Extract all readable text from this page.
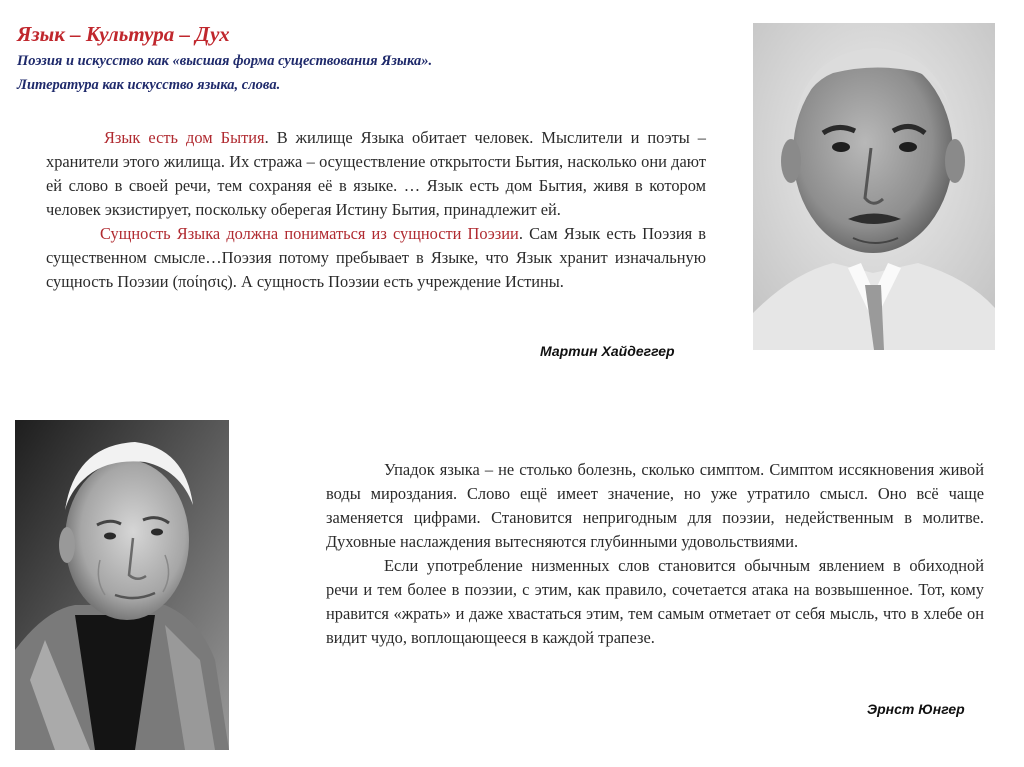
Язык – Культура – Дух

Поэзия и искусство как «высшая форма существования Языка».

Литература как искусство языка, слова.

Язык есть дом Бытия. В жилище Языка обитает человек. Мыслители и поэты – хранители этого жилища. Их стража – осуществление открытости Бытия, насколько они дают ей слово в своей речи, тем сохраняя её в языке. … Язык есть дом Бытия, живя в котором человек экзистирует, поскольку оберегая Истину Бытия, принадлежит ей.

Сущность Языка должна пониматься из сущности Поэзии. Сам Язык есть Поэзия в существенном смысле…Поэзия потому пребывает в Языке, что Язык хранит изначальную сущность Поэзии (ποίησις). А сущность Поэзии есть учреждение Истины.

Мартин Хайдеггер

Упадок языка – не столько болезнь, сколько симптом. Симптом иссякновения живой воды мироздания. Слово ещё имеет значение, но уже утратило смысл. Оно всё чаще заменяется цифрами. Становится непригодным для поэзии, недейственным в молитве. Духовные наслаждения вытесняются глубинными удовольствиями.

Если употребление низменных слов становится обычным явлением в обиходной речи и тем более в поэзии, с этим, как правило, сочетается атака на возвышенное. Тот, кому нравится «жрать» и даже хвастаться этим, тем самым отметает от себя мысль, что в хлебе он видит чудо, воплощающееся в каждой трапезе.

Эрнст Юнгер
